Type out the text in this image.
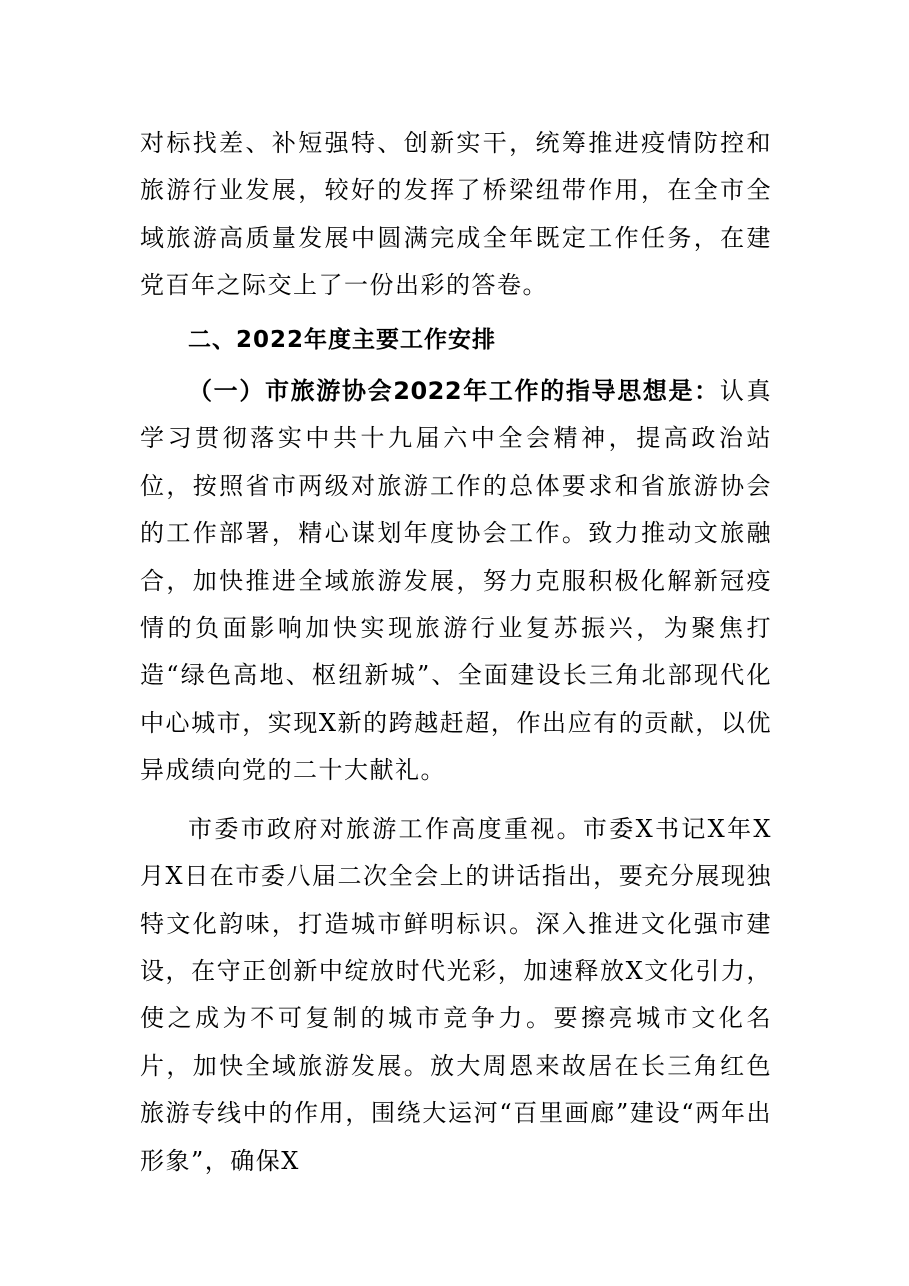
对标找差、补短强特、创新实干，统筹推进疫情防控和旅游行业发展，较好的发挥了桥梁纽带作用，在全市全域旅游高质量发展中圆满完成全年既定工作任务，在建党百年之际交上了一份出彩的答卷。

二、2022年度主要工作安排

（一）市旅游协会2022年工作的指导思想是：认真学习贯彻落实中共十九届六中全会精神，提高政治站位，按照省市两级对旅游工作的总体要求和省旅游协会的工作部署，精心谋划年度协会工作。致力推动文旅融合，加快推进全域旅游发展，努力克服积极化解新冠疫情的负面影响加快实现旅游行业复苏振兴，为聚焦打造“绿色高地、枢纽新城”、全面建设长三角北部现代化中心城市，实现X新的跨越赶超，作出应有的贡献，以优异成绩向党的二十大献礼。

市委市政府对旅游工作高度重视。市委X书记X年X月X日在市委八届二次全会上的讲话指出，要充分展现独特文化韵味，打造城市鲜明标识。深入推进文化强市建设，在守正创新中绽放时代光彩，加速释放X文化引力，使之成为不可复制的城市竞争力。要擦亮城市文化名片，加快全域旅游发展。放大周恩来故居在长三角红色旅游专线中的作用，围绕大运河“百里画廊”建设“两年出形象”，确保X
